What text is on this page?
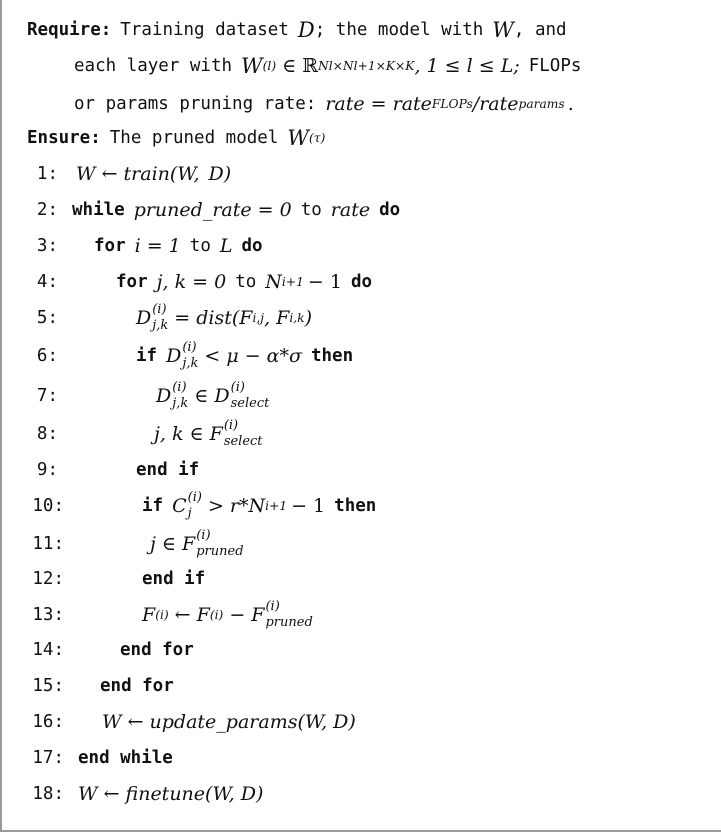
Require: Training dataset D ; the model with W , and
each layer with W (l) ∈ ℝ Nl×Nl+1×K×K , 1 ≤ l ≤ L; FLOPs
or params pruning rate: rate = rate FLOPs /rate params .
Ensure: The pruned model W (τ)
1: W ← train(W, D)
2: while pruned_rate = 0 to rate do
3: for i = 1 to L do
4:	for j, k = 0 to N i+1 − 1 do
5:	D (i)
j,k = dist(F i,j , F i,k )
6:	if D (i)
j,k < μ − α*σ then
7:	D (i)
j,k ∈ D (i)
select
8:	j, k ∈ F (i)
select
9:	end if
10:	if C (i)
j > r*N i+1 − 1 then
11:	j ∈ F (i)
pruned
12:	end if
13:	F (i) ← F (i) − F (i)
pruned
14:	end for
15: end for
16: W ← update_params(W, D)
17: end while
18: W ← finetune(W, D)
